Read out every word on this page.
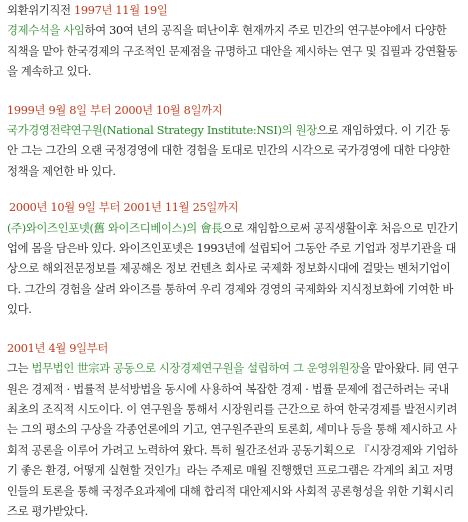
외환위기직전 1997년 11월 19일
경제수석을 사임하여 30여 년의 공직을 떠난이후 현재까지 주로 민간의 연구분야에서 다양한 직책을 맡아 한국경제의 구조적인 문제점을 규명하고 대안을 제시하는 연구 및 집필과 강연활동을 계속하고 있다.

1999년 9월 8일 부터 2000년 10월 8일까지
국가경영전략연구원(National Strategy Institute:NSI)의 원장으로 재임하였다. 이 기간 동안 그는 그간의 오랜 국정경영에 대한 경험을 토대로 민간의 시각으로 국가경영에 대한 다양한 정책을 제언한 바 있다.

2000년 10월 9일 부터 2001년 11월 25일까지
(주)와이즈인포넷(舊 와이즈디베이스)의 會長으로 재임함으로써 공직생활이후 처음으로 민간기업에 몸을 담은바 있다. 와이즈인포넷은 1993년에 설립되어 그동안 주로 기업과 정부기관을 대상으로 해외전문정보를 제공해온 정보 컨텐츠 회사로 국제화 정보화시대에 걸맞는 벤처기업이다. 그간의 경험을 살려 와이즈를 통하여 우리 경제와 경영의 국제화와 지식정보화에 기여한 바 있다.

2001년 4월 9일부터
그는 법무법인 世宗과 공동으로 시장경제연구원을 설립하여 그 운영위원장을 맡아왔다. 同 연구원은 경제적 · 법률적 분석방법을 동시에 사용하여 복잡한 경제 · 법률 문제에 접근하려는 국내 최초의 조직적 시도이다. 이 연구원을 통해서 시장원리를 근간으로 하여 한국경제를 발전시키려는 그의 평소의 구상을 각종언론에의 기고, 연구원주관의 토론회, 세미나 등을 통해 제시하고 사회적 공론을 이루어 가려고 노력하여 왔다. 특히 월간조선과 공동기획으로 『시장경제와 기업하기 좋은 환경, 어떻게 실현할 것인가』라는 주제로 매월 진행했던 프로그램은 각계의 최고 저명인들의 토론을 통해 국정주요과제에 대해 합리적 대안제시와 사회적 공론형성을 위한 기획시리즈로 평가받았다.
